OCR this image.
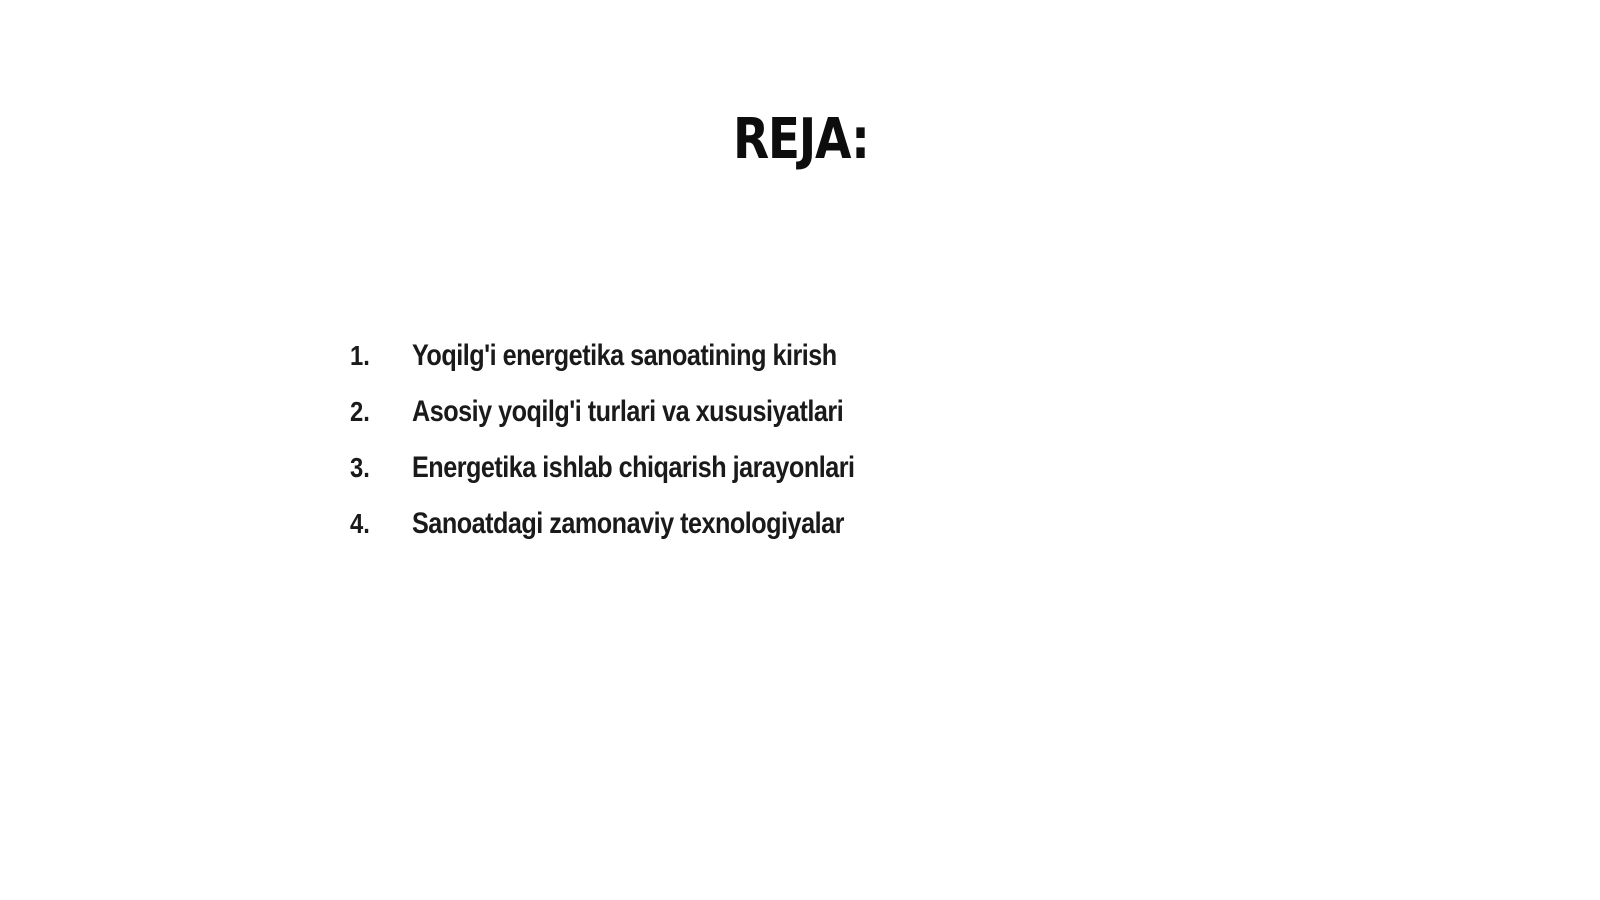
REJA:
1.	Yoqilg'i energetika sanoatining kirish
2.	Asosiy yoqilg'i turlari va xususiyatlari
3.	Energetika ishlab chiqarish jarayonlari
4.	Sanoatdagi zamonaviy texnologiyalar
